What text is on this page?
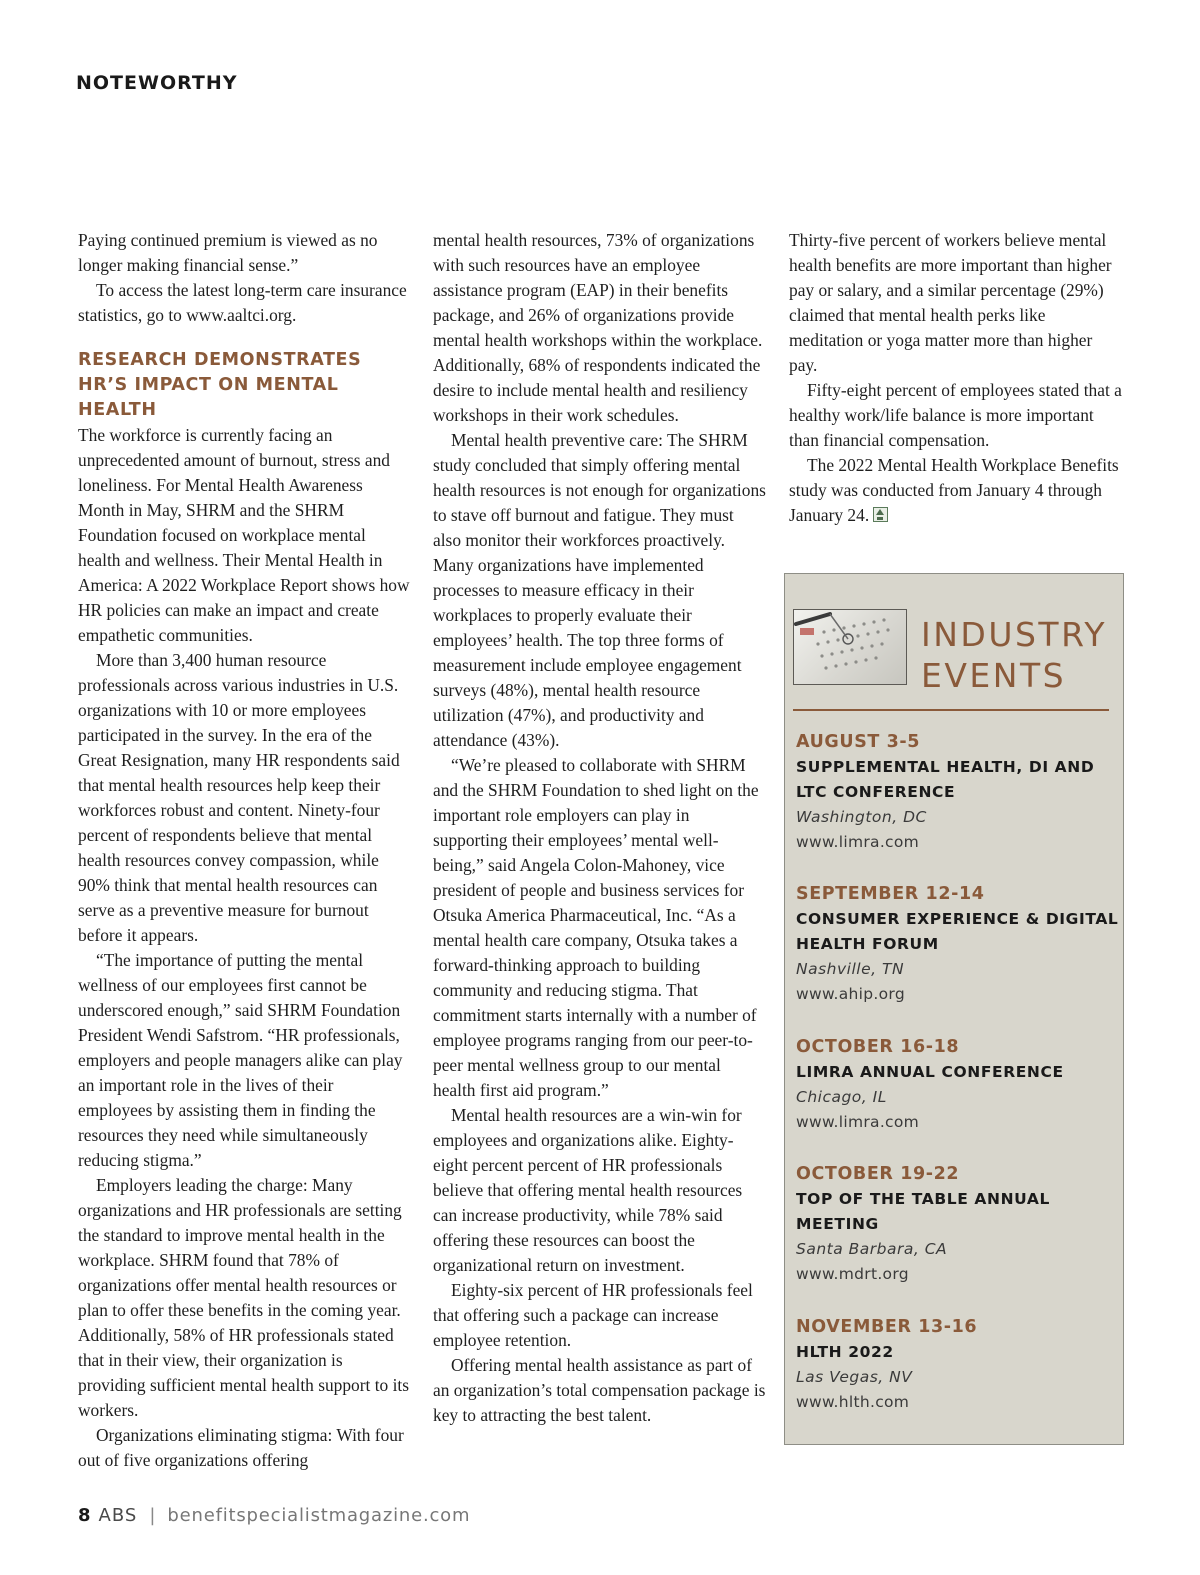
NOTEWORTHY

Paying continued premium is viewed as no longer making financial sense.”

To access the latest long-term care insurance statistics, go to www.aaltci.org.

RESEARCH DEMONSTRATES HR’S IMPACT ON MENTAL HEALTH

The workforce is currently facing an unprecedented amount of burnout, stress and loneliness. For Mental Health Awareness Month in May, SHRM and the SHRM Foundation focused on workplace mental health and wellness. Their Mental Health in America: A 2022 Workplace Report shows how HR policies can make an impact and create empathetic communities.

More than 3,400 human resource professionals across various industries in U.S. organizations with 10 or more employees participated in the survey. In the era of the Great Resignation, many HR respondents said that mental health resources help keep their workforces robust and content. Ninety-four percent of respondents believe that mental health resources convey compassion, while 90% think that mental health resources can serve as a preventive measure for burnout before it appears.

“The importance of putting the mental wellness of our employees first cannot be underscored enough,” said SHRM Foundation President Wendi Safstrom. “HR professionals, employers and people managers alike can play an important role in the lives of their employees by assisting them in finding the resources they need while simultaneously reducing stigma.”

Employers leading the charge: Many organizations and HR professionals are setting the standard to improve mental health in the workplace. SHRM found that 78% of organizations offer mental health resources or plan to offer these benefits in the coming year. Additionally, 58% of HR professionals stated that in their view, their organization is providing sufficient mental health support to its workers.

Organizations eliminating stigma: With four out of five organizations offering

mental health resources, 73% of organizations with such resources have an employee assistance program (EAP) in their benefits package, and 26% of organizations provide mental health workshops within the workplace. Additionally, 68% of respondents indicated the desire to include mental health and resiliency workshops in their work schedules.

Mental health preventive care: The SHRM study concluded that simply offering mental health resources is not enough for organizations to stave off burnout and fatigue. They must also monitor their workforces proactively. Many organizations have implemented processes to measure efficacy in their workplaces to properly evaluate their employees’ health. The top three forms of measurement include employee engagement surveys (48%), mental health resource utilization (47%), and productivity and attendance (43%).

“We’re pleased to collaborate with SHRM and the SHRM Foundation to shed light on the important role employers can play in supporting their employees’ mental well-being,” said Angela Colon-Mahoney, vice president of people and business services for Otsuka America Pharmaceutical, Inc. “As a mental health care company, Otsuka takes a forward-thinking approach to building community and reducing stigma. That commitment starts internally with a number of employee programs ranging from our peer-to-peer mental wellness group to our mental health first aid program.”

Mental health resources are a win-win for employees and organizations alike. Eighty-eight percent percent of HR professionals believe that offering mental health resources can increase productivity, while 78% said offering these resources can boost the organizational return on investment.

Eighty-six percent of HR professionals feel that offering such a package can increase employee retention.

Offering mental health assistance as part of an organization’s total compensation package is key to attracting the best talent.

Thirty-five percent of workers believe mental health benefits are more important than higher pay or salary, and a similar percentage (29%) claimed that mental health perks like meditation or yoga matter more than higher pay.

Fifty-eight percent of employees stated that a healthy work/life balance is more important than financial compensation.

The 2022 Mental Health Workplace Benefits study was conducted from January 4 through January 24.

INDUSTRY
EVENTS
AUGUST 3-5
SUPPLEMENTAL HEALTH, DI AND LTC CONFERENCE
Washington, DC
www.limra.com
SEPTEMBER 12-14
CONSUMER EXPERIENCE & DIGITAL HEALTH FORUM
Nashville, TN
www.ahip.org
OCTOBER 16-18
LIMRA ANNUAL CONFERENCE
Chicago, IL
www.limra.com
OCTOBER 19-22
TOP OF THE TABLE ANNUAL MEETING
Santa Barbara, CA
www.mdrt.org
NOVEMBER 13-16
HLTH 2022
Las Vegas, NV
www.hlth.com
8 ABS | benefitspecialistmagazine.com
